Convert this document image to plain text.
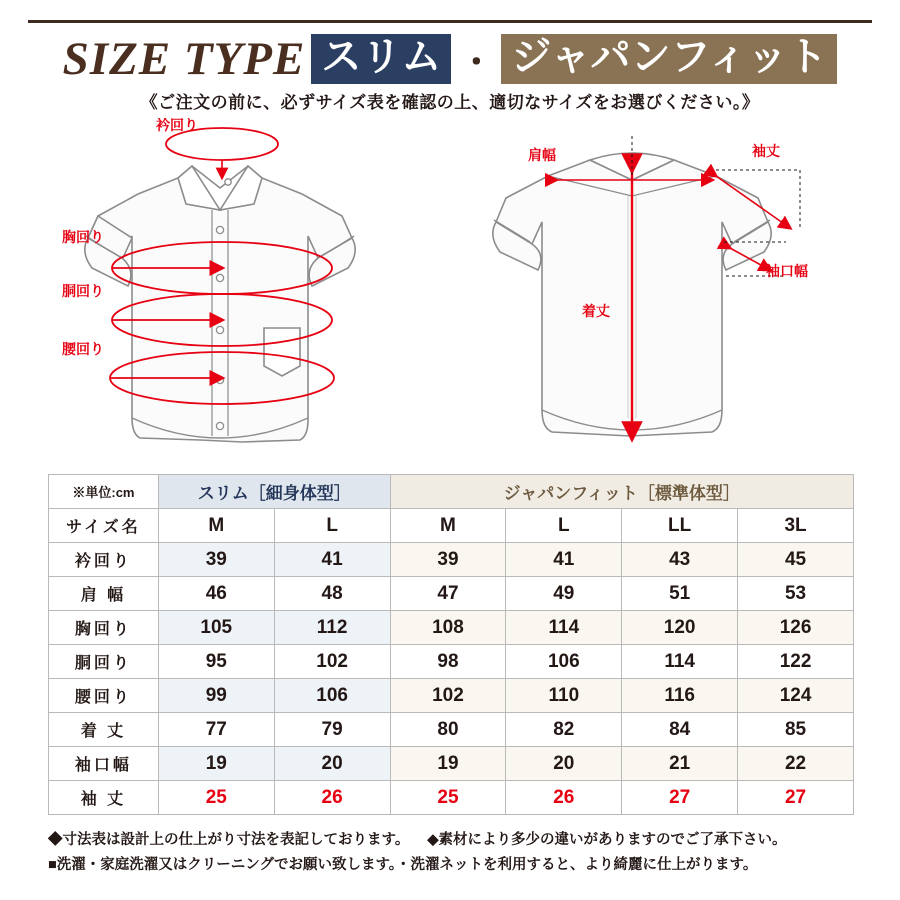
SIZE TYPE スリム ・ ジャパンフィット
《ご注文の前に、必ずサイズ表を確認の上、適切なサイズをお選びください。》
衿回り
胸回り
胴回り
腰回り
肩幅	袖丈
袖口幅
着丈
※単位:cm	スリム［細身体型］		ジャパンフィット［標準体型］			
サイズ名	M	L	M	L	LL	3L
衿回り	39	41	39	41	43	45
肩 幅	46	48	47	49	51	53
胸回り	105	112	108	114	120	126
胴回り	95	102	98	106	114	122
腰回り	99	106	102	110	116	124
着 丈	77	79	80	82	84	85
袖口幅	19	20	19	20	21	22
袖 丈	25	26	25	26	27	27
◆寸法表は設計上の仕上がり寸法を表記しております。 ◆素材により多少の違いがありますのでご了承下さい。
■洗濯・家庭洗濯又はクリーニングでお願い致します。・洗濯ネットを利用すると、より綺麗に仕上がります。
